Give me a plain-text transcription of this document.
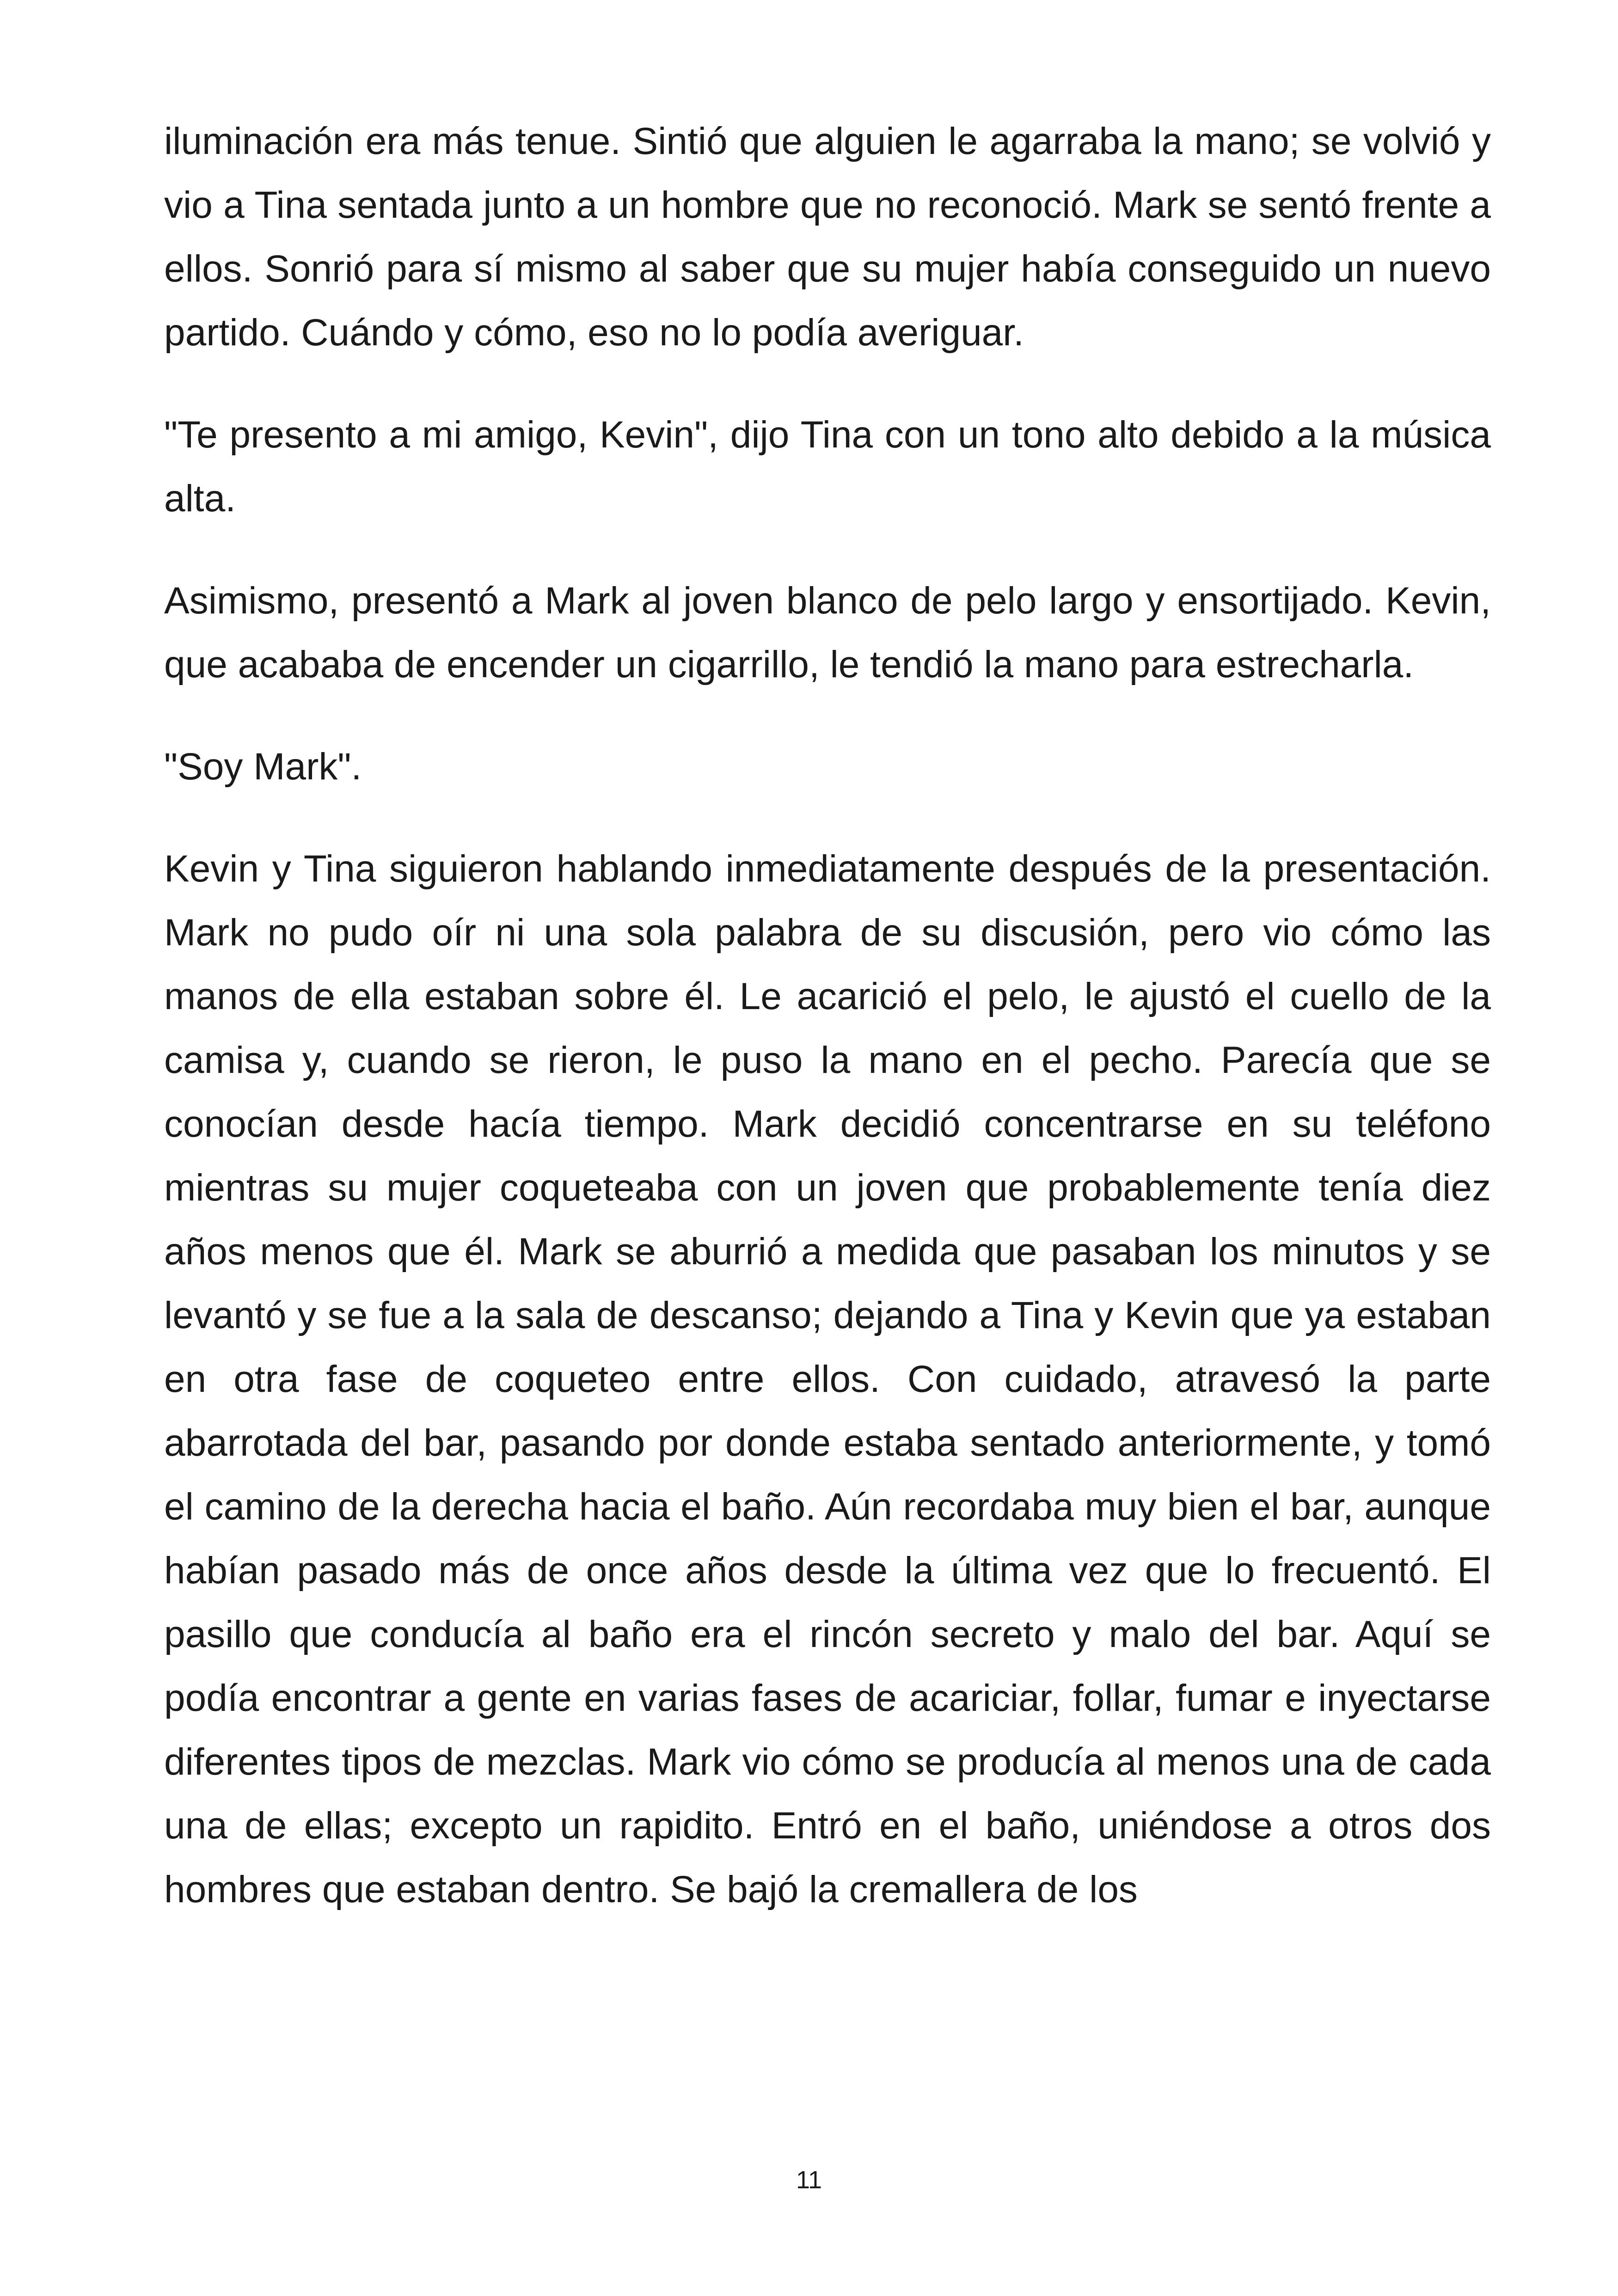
iluminación era más tenue. Sintió que alguien le agarraba la mano; se volvió y vio a Tina sentada junto a un hombre que no reconoció. Mark se sentó frente a ellos. Sonrió para sí mismo al saber que su mujer había conseguido un nuevo partido. Cuándo y cómo, eso no lo podía averiguar.

"Te presento a mi amigo, Kevin", dijo Tina con un tono alto debido a la música alta.

Asimismo, presentó a Mark al joven blanco de pelo largo y ensortijado. Kevin, que acababa de encender un cigarrillo, le tendió la mano para estrecharla.

"Soy Mark".

Kevin y Tina siguieron hablando inmediatamente después de la presentación. Mark no pudo oír ni una sola palabra de su discusión, pero vio cómo las manos de ella estaban sobre él. Le acarició el pelo, le ajustó el cuello de la camisa y, cuando se rieron, le puso la mano en el pecho. Parecía que se conocían desde hacía tiempo. Mark decidió concentrarse en su teléfono mientras su mujer coqueteaba con un joven que probablemente tenía diez años menos que él. Mark se aburrió a medida que pasaban los minutos y se levantó y se fue a la sala de descanso; dejando a Tina y Kevin que ya estaban en otra fase de coqueteo entre ellos. Con cuidado, atravesó la parte abarrotada del bar, pasando por donde estaba sentado anteriormente, y tomó el camino de la derecha hacia el baño. Aún recordaba muy bien el bar, aunque habían pasado más de once años desde la última vez que lo frecuentó. El pasillo que conducía al baño era el rincón secreto y malo del bar. Aquí se podía encontrar a gente en varias fases de acariciar, follar, fumar e inyectarse diferentes tipos de mezclas. Mark vio cómo se producía al menos una de cada una de ellas; excepto un rapidito. Entró en el baño, uniéndose a otros dos hombres que estaban dentro. Se bajó la cremallera de los

11
